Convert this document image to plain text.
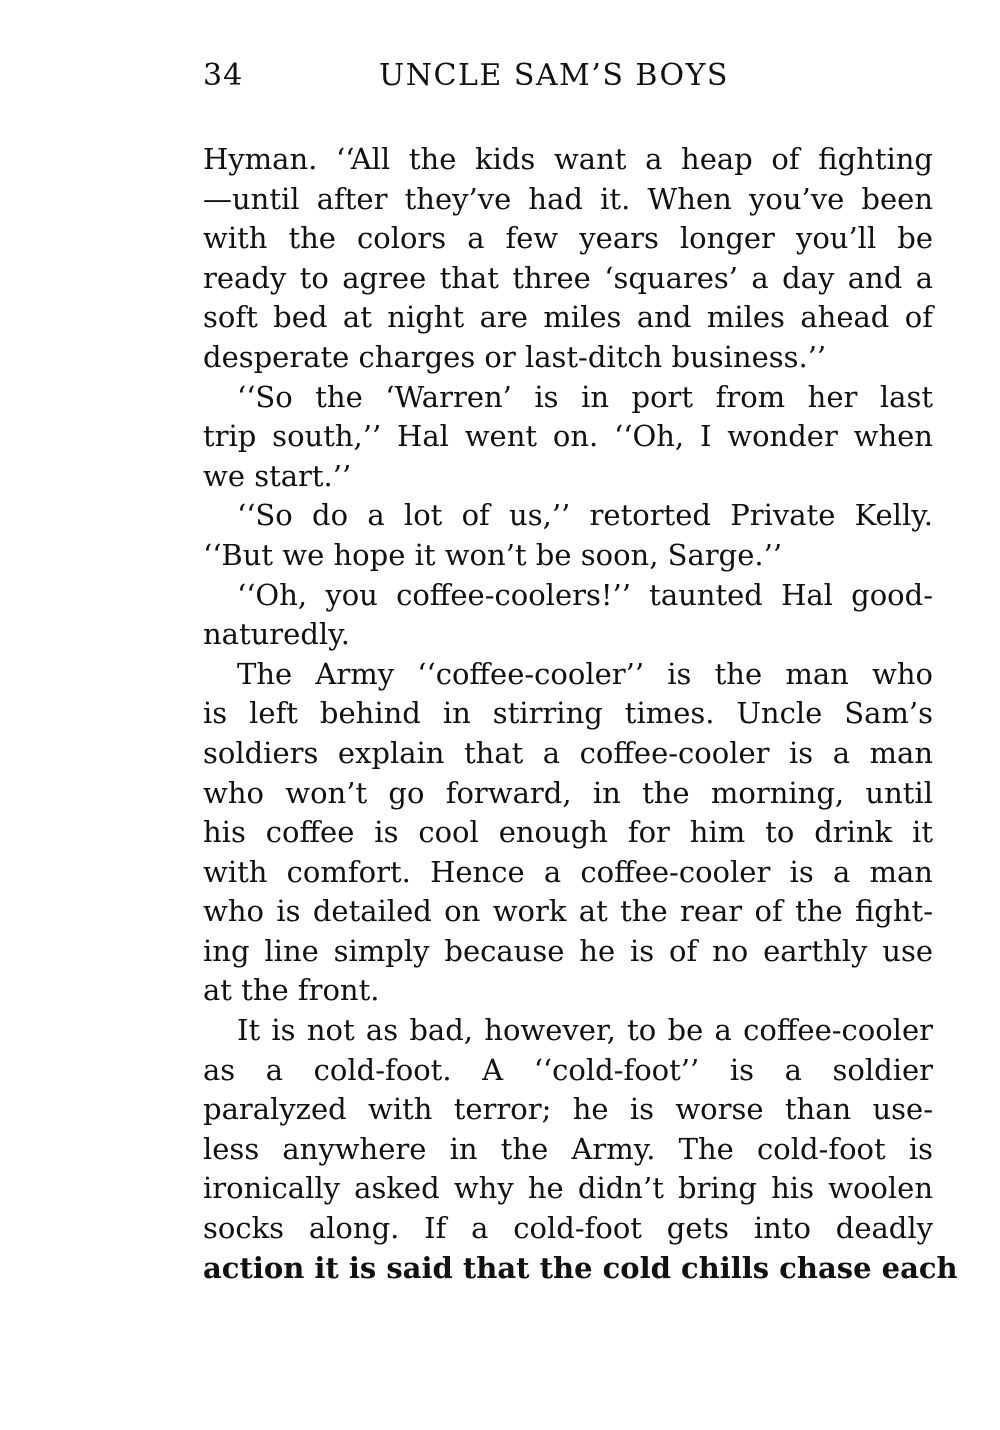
34	UNCLE SAM’S BOYS
Hyman. ‘‘All the kids want a heap of fighting
—until after they’ve had it. When you’ve been
with the colors a few years longer you’ll be
ready to agree that three ‘squares’ a day and a
soft bed at night are miles and miles ahead of
desperate charges or last-ditch business.’’
‘‘So the ‘Warren’ is in port from her last
trip south,’’ Hal went on. ‘‘Oh, I wonder when
we start.’’
‘‘So do a lot of us,’’ retorted Private Kelly.
‘‘But we hope it won’t be soon, Sarge.’’
‘‘Oh, you coffee-coolers!’’ taunted Hal good-
naturedly.
The Army ‘‘coffee-cooler’’ is the man who
is left behind in stirring times. Uncle Sam’s
soldiers explain that a coffee-cooler is a man
who won’t go forward, in the morning, until
his coffee is cool enough for him to drink it
with comfort. Hence a coffee-cooler is a man
who is detailed on work at the rear of the fight-
ing line simply because he is of no earthly use
at the front.
It is not as bad, however, to be a coffee-cooler
as a cold-foot. A ‘‘cold-foot’’ is a soldier
paralyzed with terror; he is worse than use-
less anywhere in the Army. The cold-foot is
ironically asked why he didn’t bring his woolen
socks along. If a cold-foot gets into deadly
action it is said that the cold chills chase each
